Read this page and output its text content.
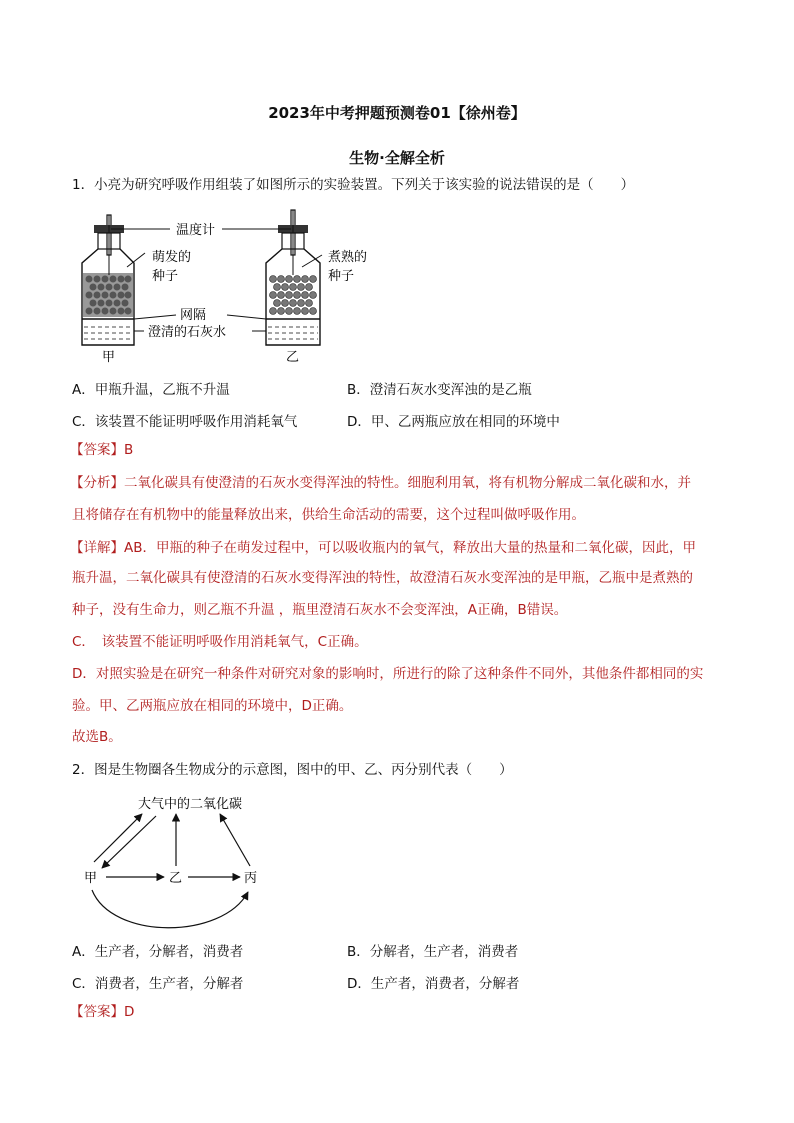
2023年中考押题预测卷01【徐州卷】
生物·全解全析
1．小亮为研究呼吸作用组装了如图所示的实验装置。下列关于该实验的说法错误的是（　　）
温度计
萌发的
种子
煮熟的
种子
网隔
澄清的石灰水
甲	乙
A．甲瓶升温，乙瓶不升温	B．澄清石灰水变浑浊的是乙瓶
C．该装置不能证明呼吸作用消耗氧气	D．甲、乙两瓶应放在相同的环境中
【答案】B
【分析】二氧化碳具有使澄清的石灰水变得浑浊的特性。细胞利用氧，将有机物分解成二氧化碳和水，并
且将储存在有机物中的能量释放出来，供给生命活动的需要，这个过程叫做呼吸作用。
【详解】AB．甲瓶的种子在萌发过程中，可以吸收瓶内的氧气，释放出大量的热量和二氧化碳，因此，甲
瓶升温，二氧化碳具有使澄清的石灰水变得浑浊的特性，故澄清石灰水变浑浊的是甲瓶，乙瓶中是煮熟的
种子，没有生命力，则乙瓶不升温 ，瓶里澄清石灰水不会变浑浊，A正确，B错误。
C．　该装置不能证明呼吸作用消耗氧气，C正确。
D．对照实验是在研究一种条件对研究对象的影响时，所进行的除了这种条件不同外，其他条件都相同的实
验。甲、乙两瓶应放在相同的环境中，D正确。
故选B。
2．图是生物圈各生物成分的示意图，图中的甲、乙、丙分别代表（　　）
大气中的二氧化碳
甲	乙	丙
A．生产者，分解者，消费者	B．分解者，生产者，消费者
C．消费者，生产者，分解者	D．生产者，消费者，分解者
【答案】D
